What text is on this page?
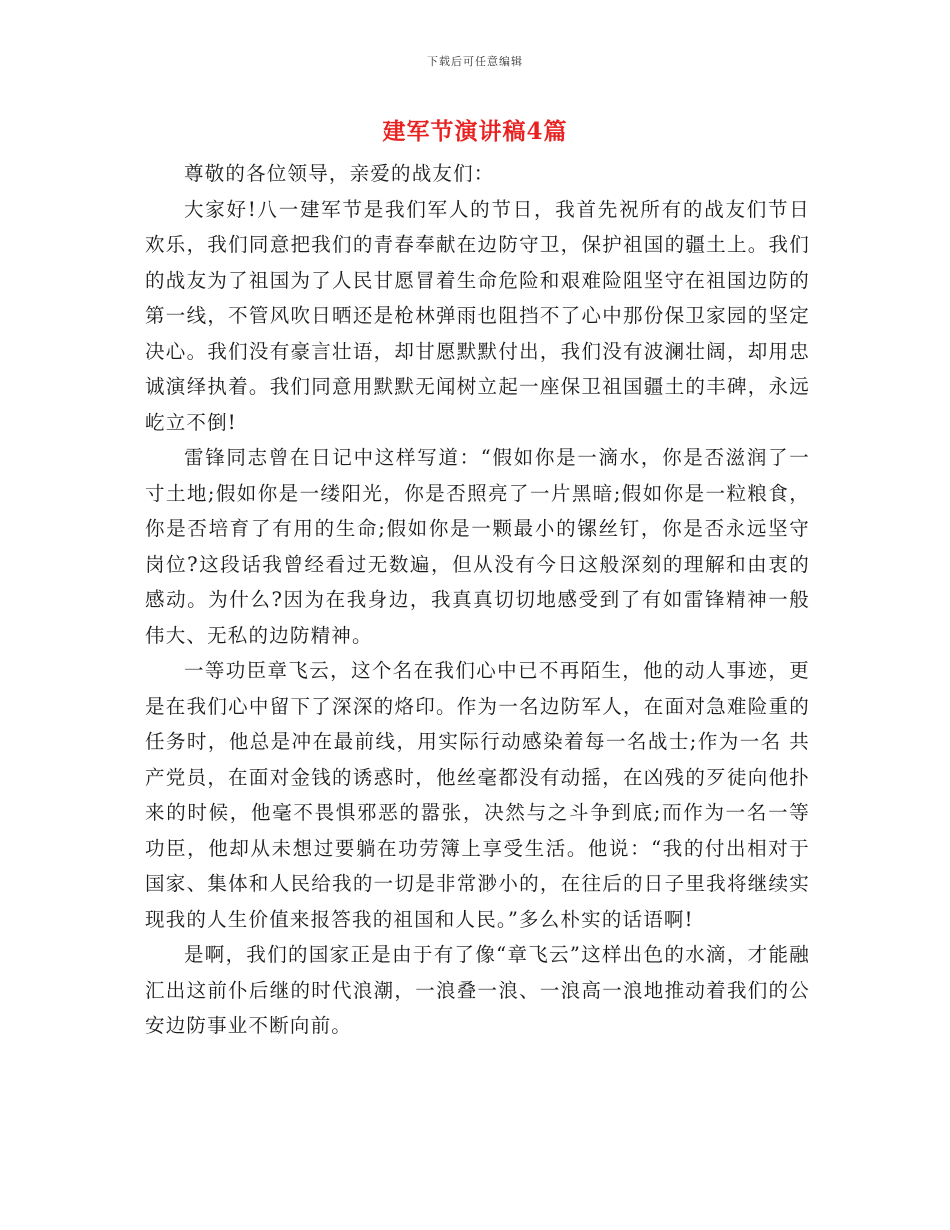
下载后可任意编辑
建军节演讲稿4篇

尊敬的各位领导，亲爱的战友们：

大家好!八一建军节是我们军人的节日，我首先祝所有的战友们节日欢乐，我们同意把我们的青春奉献在边防守卫，保护祖国的疆土上。我们的战友为了祖国为了人民甘愿冒着生命危险和艰难险阻坚守在祖国边防的第一线，不管风吹日晒还是枪林弹雨也阻挡不了心中那份保卫家园的坚定决心。我们没有豪言壮语，却甘愿默默付出，我们没有波澜壮阔，却用忠诚演绎执着。我们同意用默默无闻树立起一座保卫祖国疆土的丰碑，永远屹立不倒!

雷锋同志曾在日记中这样写道：“假如你是一滴水，你是否滋润了一寸土地;假如你是一缕阳光，你是否照亮了一片黑暗;假如你是一粒粮食，你是否培育了有用的生命;假如你是一颗最小的镙丝钉，你是否永远坚守岗位?这段话我曾经看过无数遍，但从没有今日这般深刻的理解和由衷的感动。为什么?因为在我身边，我真真切切地感受到了有如雷锋精神一般伟大、无私的边防精神。

一等功臣章飞云，这个名在我们心中已不再陌生，他的动人事迹，更是在我们心中留下了深深的烙印。作为一名边防军人，在面对急难险重的任务时，他总是冲在最前线，用实际行动感染着每一名战士;作为一名 共 产党员，在面对金钱的诱惑时，他丝毫都没有动摇，在凶残的歹徒向他扑来的时候，他毫不畏惧邪恶的嚣张，决然与之斗争到底;而作为一名一等功臣，他却从未想过要躺在功劳簿上享受生活。他说：“我的付出相对于国家、集体和人民给我的一切是非常渺小的，在往后的日子里我将继续实现我的人生价值来报答我的祖国和人民。”多么朴实的话语啊!

是啊，我们的国家正是由于有了像“章飞云”这样出色的水滴，才能融汇出这前仆后继的时代浪潮，一浪叠一浪、一浪高一浪地推动着我们的公安边防事业不断向前。
